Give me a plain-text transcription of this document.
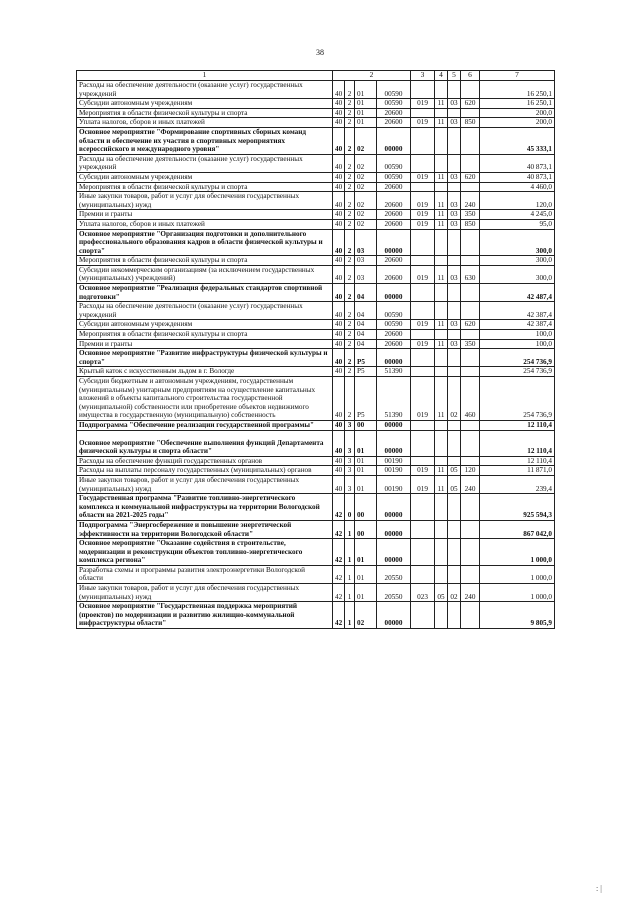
38
1	2				3	4	5	6	7
Расходы на обеспечение деятельности (оказание услуг) государственных учреждений	40	2	01	00590					16 250,1
Субсидии автономным учреждениям	40	2	01	00590	019	11	03	620	16 250,1
Мероприятия в области физической культуры и спорта	40	2	01	20600					200,0
Уплата налогов, сборов и иных платежей	40	2	01	20600	019	11	03	850	200,0
Основное мероприятие "Формирование спортивных сборных команд области и обеспечение их участия в спортивных мероприятиях всероссийского и международного уровня"	40	2	02	00000					45 333,1
Расходы на обеспечение деятельности (оказание услуг) государственных учреждений	40	2	02	00590					40 873,1
Субсидии автономным учреждениям	40	2	02	00590	019	11	03	620	40 873,1
Мероприятия в области физической культуры и спорта	40	2	02	20600					4 460,0
Иные закупки товаров, работ и услуг для обеспечения государственных (муниципальных) нужд	40	2	02	20600	019	11	03	240	120,0
Премии и гранты	40	2	02	20600	019	11	03	350	4 245,0
Уплата налогов, сборов и иных платежей	40	2	02	20600	019	11	03	850	95,0
Основное мероприятие "Организация подготовки и дополнительного профессионального образования кадров в области физической культуры и спорта"	40	2	03	00000					300,0
Мероприятия в области физической культуры и спорта	40	2	03	20600					300,0
Субсидии некоммерческим организациям (за исключением государственных (муниципальных) учреждений)	40	2	03	20600	019	11	03	630	300,0
Основное мероприятие "Реализация федеральных стандартов спортивной подготовки"	40	2	04	00000					42 487,4
Расходы на обеспечение деятельности (оказание услуг) государственных учреждений	40	2	04	00590					42 387,4
Субсидии автономным учреждениям	40	2	04	00590	019	11	03	620	42 387,4
Мероприятия в области физической культуры и спорта	40	2	04	20600					100,0
Премии и гранты	40	2	04	20600	019	11	03	350	100,0
Основное мероприятие "Развитие инфраструктуры физической культуры и спорта"	40	2	P5	00000					254 736,9
Крытый каток с искусственным льдом в г. Вологде	40	2	P5	51390					254 736,9
Субсидии бюджетным и автономным учреждениям, государственным (муниципальным) унитарным предприятиям на осуществление капитальных вложений в объекты капитального строительства государственной (муниципальной) собственности или приобретение объектов недвижимого имущества в государственную (муниципальную) собственность	40	2	P5	51390	019	11	02	460	254 736,9
Подпрограмма "Обеспечение реализации государственной программы"	40	3	00	00000					12 110,4
Основное мероприятие "Обеспечение выполнения функций Департамента физической культуры и спорта области"	40	3	01	00000					12 110,4
Расходы на обеспечение функций государственных органов	40	3	01	00190					12 110,4
Расходы на выплаты персоналу государственных (муниципальных) органов	40	3	01	00190	019	11	05	120	11 871,0
Иные закупки товаров, работ и услуг для обеспечения государственных (муниципальных) нужд	40	3	01	00190	019	11	05	240	239,4
Государственная программа "Развитие топливно-энергетического комплекса и коммунальной инфраструктуры на территории Вологодской области на 2021-2025 годы"	42	0	00	00000					925 594,3
Подпрограмма "Энергосбережение и повышение энергетической эффективности на территории Вологодской области"	42	1	00	00000					867 042,0
Основное мероприятие "Оказание содействия в строительстве, модернизации и реконструкции объектов топливно-энергетического комплекса региона"	42	1	01	00000					1 000,0
Разработка схемы и программы развития электроэнергетики Вологодской области	42	1	01	20550					1 000,0
Иные закупки товаров, работ и услуг для обеспечения государственных (муниципальных) нужд	42	1	01	20550	023	05	02	240	1 000,0
Основное мероприятие "Государственная поддержка мероприятий (проектов) по модернизации и развитию жилищно-коммунальной инфраструктуры области"	42	1	02	00000					9 805,9
: |
